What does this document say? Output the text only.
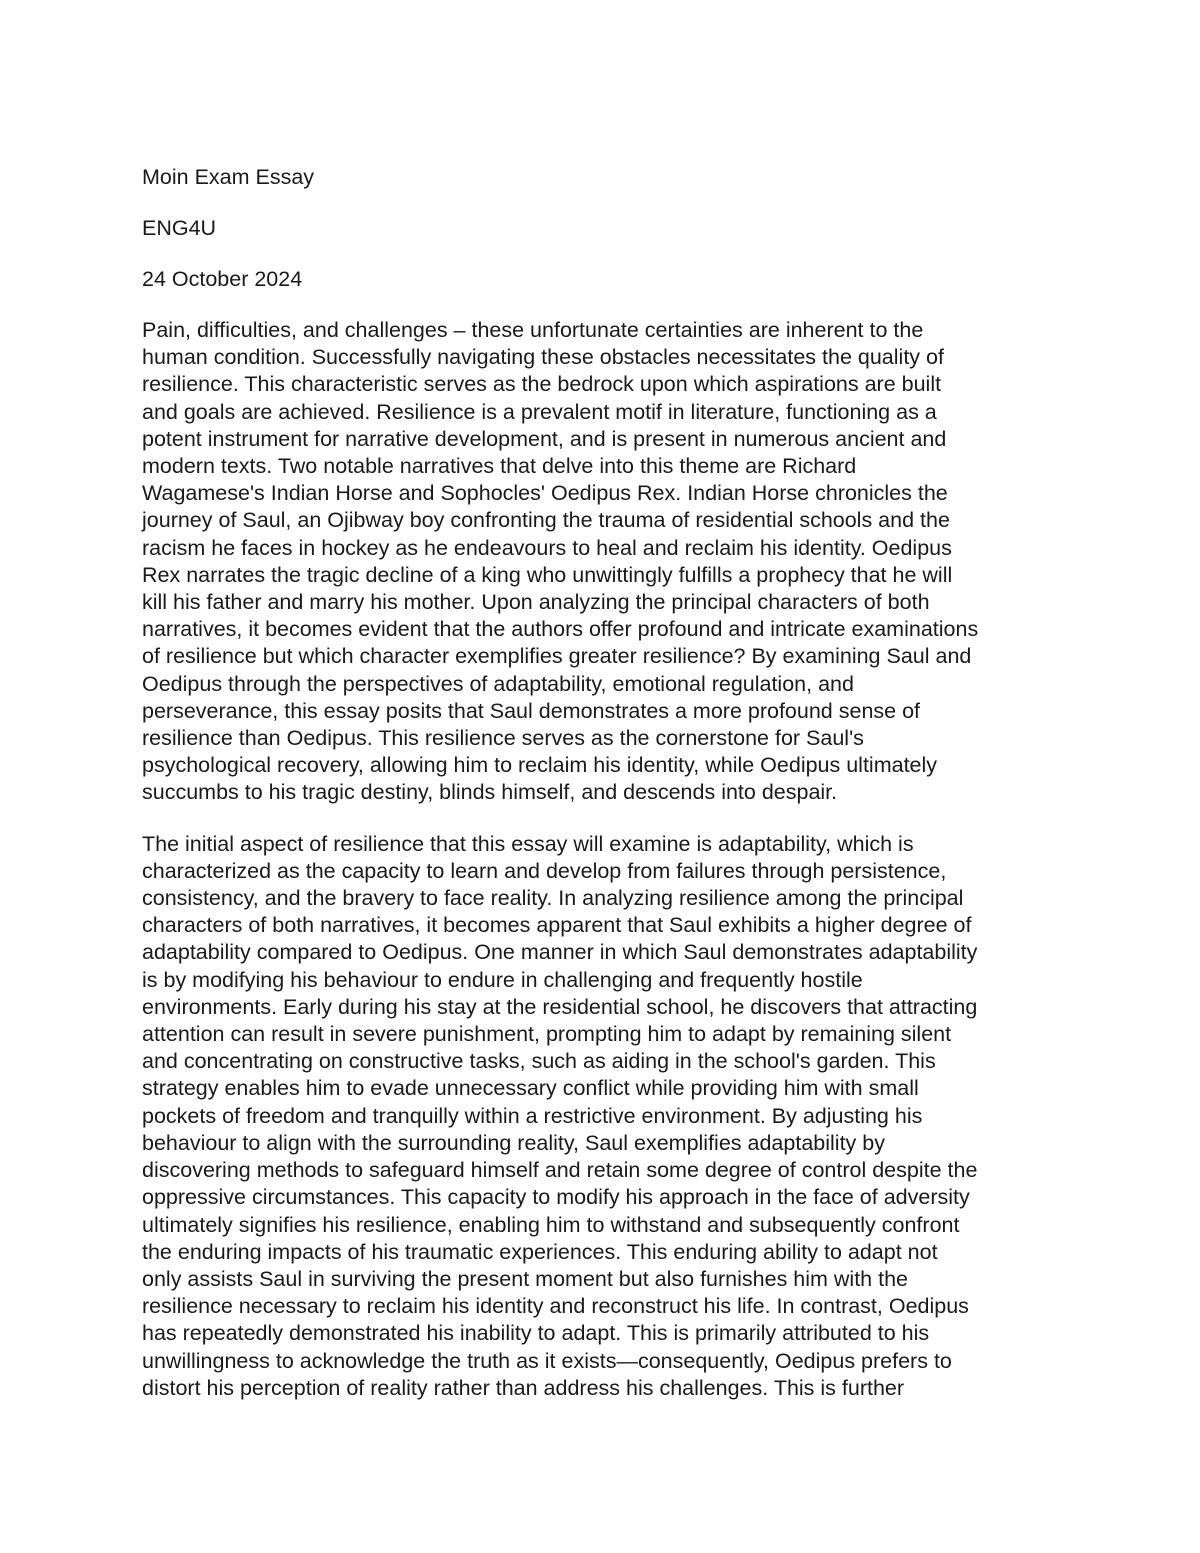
Moin Exam Essay
ENG4U
24 October 2024
Pain, difficulties, and challenges – these unfortunate certainties are inherent to the
human condition. Successfully navigating these obstacles necessitates the quality of
resilience. This characteristic serves as the bedrock upon which aspirations are built
and goals are achieved. Resilience is a prevalent motif in literature, functioning as a
potent instrument for narrative development, and is present in numerous ancient and
modern texts. Two notable narratives that delve into this theme are Richard
Wagamese's Indian Horse and Sophocles' Oedipus Rex. Indian Horse chronicles the
journey of Saul, an Ojibway boy confronting the trauma of residential schools and the
racism he faces in hockey as he endeavours to heal and reclaim his identity. Oedipus
Rex narrates the tragic decline of a king who unwittingly fulfills a prophecy that he will
kill his father and marry his mother. Upon analyzing the principal characters of both
narratives, it becomes evident that the authors offer profound and intricate examinations
of resilience but which character exemplifies greater resilience? By examining Saul and
Oedipus through the perspectives of adaptability, emotional regulation, and
perseverance, this essay posits that Saul demonstrates a more profound sense of
resilience than Oedipus. This resilience serves as the cornerstone for Saul's
psychological recovery, allowing him to reclaim his identity, while Oedipus ultimately
succumbs to his tragic destiny, blinds himself, and descends into despair.
The initial aspect of resilience that this essay will examine is adaptability, which is
characterized as the capacity to learn and develop from failures through persistence,
consistency, and the bravery to face reality. In analyzing resilience among the principal
characters of both narratives, it becomes apparent that Saul exhibits a higher degree of
adaptability compared to Oedipus. One manner in which Saul demonstrates adaptability
is by modifying his behaviour to endure in challenging and frequently hostile
environments. Early during his stay at the residential school, he discovers that attracting
attention can result in severe punishment, prompting him to adapt by remaining silent
and concentrating on constructive tasks, such as aiding in the school's garden. This
strategy enables him to evade unnecessary conflict while providing him with small
pockets of freedom and tranquilly within a restrictive environment. By adjusting his
behaviour to align with the surrounding reality, Saul exemplifies adaptability by
discovering methods to safeguard himself and retain some degree of control despite the
oppressive circumstances. This capacity to modify his approach in the face of adversity
ultimately signifies his resilience, enabling him to withstand and subsequently confront
the enduring impacts of his traumatic experiences. This enduring ability to adapt not
only assists Saul in surviving the present moment but also furnishes him with the
resilience necessary to reclaim his identity and reconstruct his life. In contrast, Oedipus
has repeatedly demonstrated his inability to adapt. This is primarily attributed to his
unwillingness to acknowledge the truth as it exists—consequently, Oedipus prefers to
distort his perception of reality rather than address his challenges. This is further
